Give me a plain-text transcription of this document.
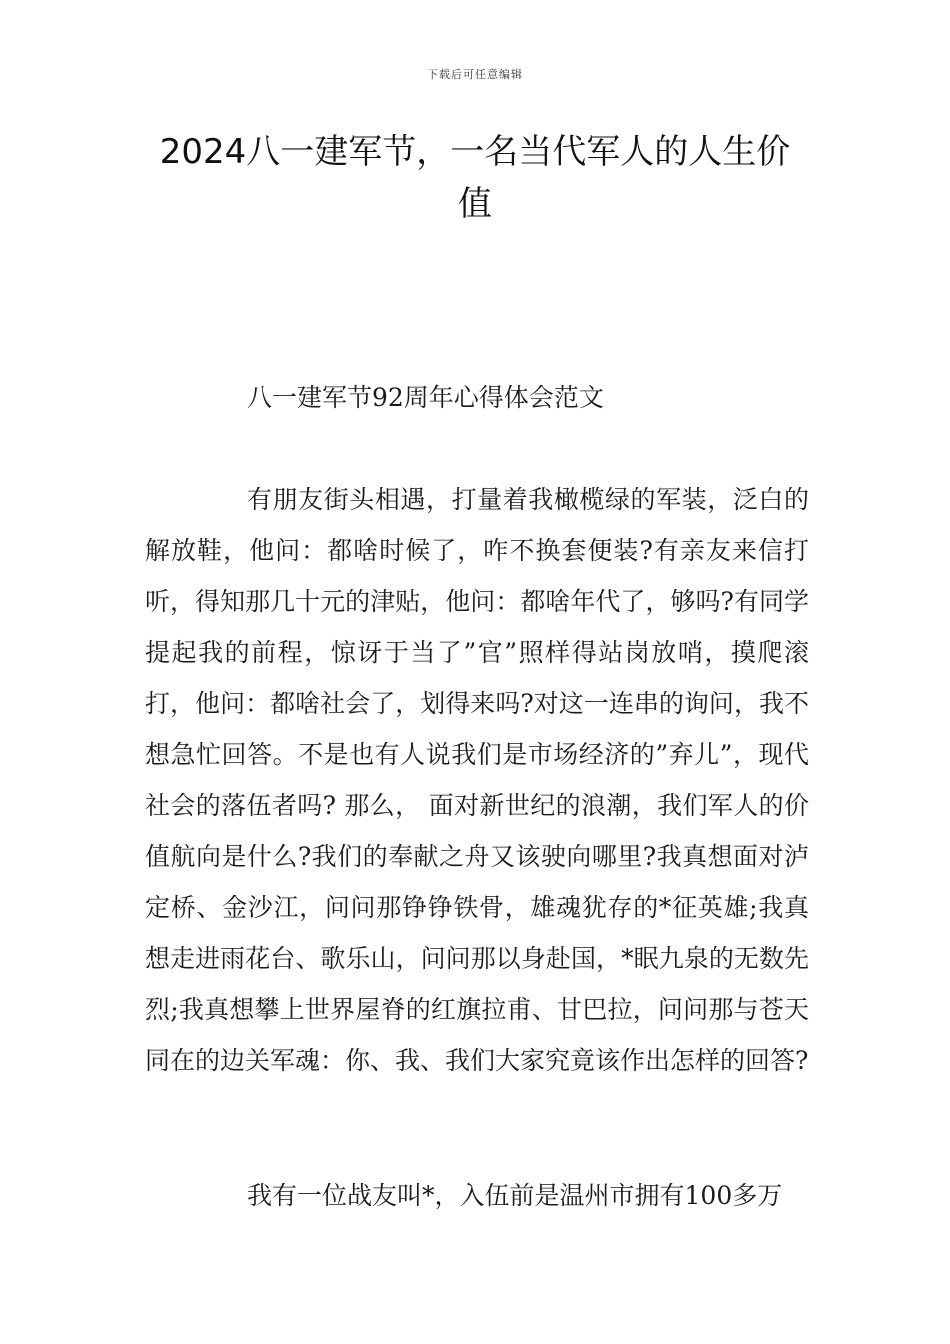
下载后可任意编辑
2024八一建军节，一名当代军人的人生价值

八一建军节92周年心得体会范文

有朋友街头相遇，打量着我橄榄绿的军装，泛白的解放鞋，他问：都啥时候了，咋不换套便装?有亲友来信打听，得知那几十元的津贴，他问：都啥年代了，够吗?有同学提起我的前程，惊讶于当了”官”照样得站岗放哨，摸爬滚打，他问：都啥社会了，划得来吗?对这一连串的询问，我不想急忙回答。不是也有人说我们是市场经济的”弃儿”，现代社会的落伍者吗? 那么， 面对新世纪的浪潮，我们军人的价值航向是什么?我们的奉献之舟又该驶向哪里?我真想面对泸定桥、金沙江，问问那铮铮铁骨，雄魂犹存的*征英雄;我真想走进雨花台、歌乐山，问问那以身赴国，*眠九泉的无数先烈;我真想攀上世界屋脊的红旗拉甫、甘巴拉，问问那与苍天同在的边关军魂：你、我、我们大家究竟该作出怎样的回答?

我有一位战友叫*，入伍前是温州市拥有100多万
